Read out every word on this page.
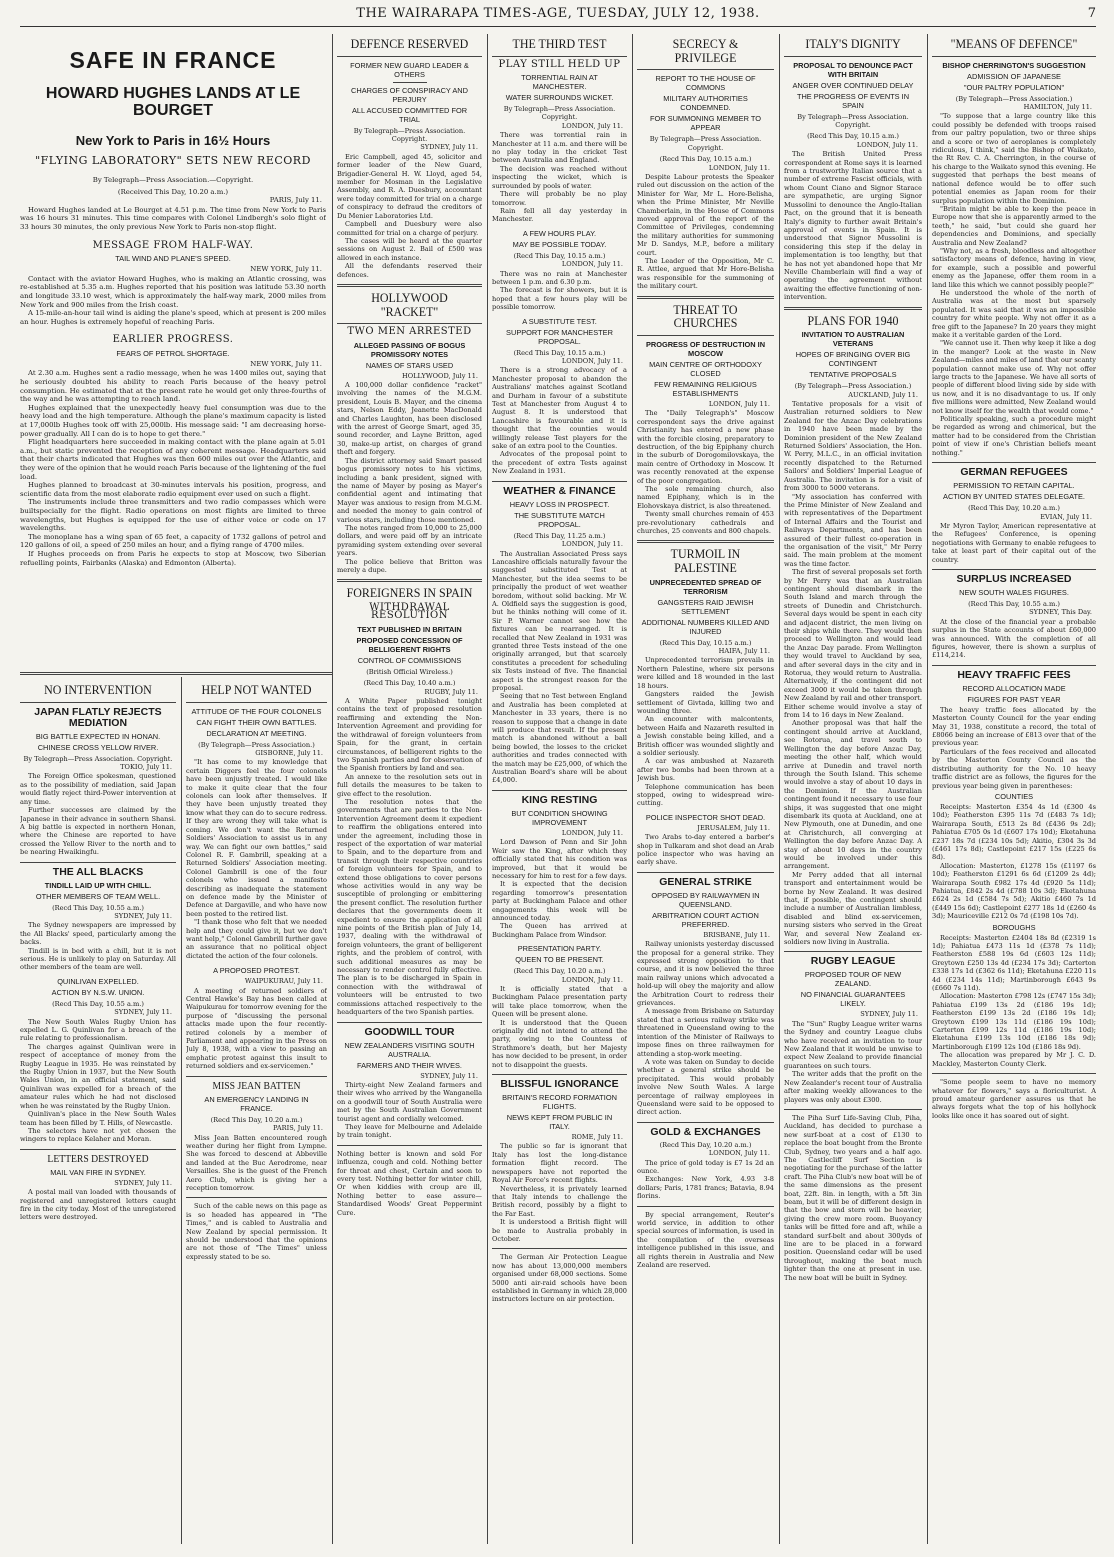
THE WAIRARAPA TIMES-AGE, TUESDAY, JULY 12, 1938.	7
SAFE IN FRANCE
HOWARD HUGHES LANDS AT LE BOURGET
New York to Paris in 16½ Hours
"FLYING LABORATORY" SETS NEW RECORD
By Telegraph—Press Association.—Copyright.
(Received This Day, 10.20 a.m.)
PARIS, July 11.

Howard Hughes landed at Le Bourget at 4.51 p.m. The time from New York to Paris was 16 hours 31 minutes. This time compares with Colonel Lindbergh's solo flight of 33 hours 30 minutes, the only previous New York to Paris non-stop flight.

MESSAGE FROM HALF-WAY.
TAIL WIND AND PLANE'S SPEED.
NEW YORK, July 11.

Contact with the aviator Howard Hughes, who is making an Atlantic crossing, was re-established at 5.35 a.m. Hughes reported that his position was latitude 53.30 north and longitude 33.10 west, which is approximately the half-way mark, 2000 miles from New York and 900 miles from the Irish coast.

A 15-mile-an-hour tail wind is aiding the plane's speed, which at present is 200 miles an hour. Hughes is extremely hopeful of reaching Paris.

EARLIER PROGRESS.
FEARS OF PETROL SHORTAGE.
NEW YORK, July 11.

At 2.30 a.m. Hughes sent a radio message, when he was 1400 miles out, saying that he seriously doubted his ability to reach Paris because of the heavy petrol consumption. He estimated that at the present rate he would get only three-fourths of the way and he was attempting to reach land.

Hughes explained that the unexpectedly heavy fuel consumption was due to the heavy load and the high temperature. Although the plane's maximum capacity is listed at 17,000lb Hughes took off with 25,000lb. His message said: "I am decreasing horse-power gradually. All I can do is to hope to get there."

Flight headquarters here succeeded in making contact with the plane again at 5.01 a.m., but static prevented the reception of any coherent message. Headquarters said that their charts indicated that Hughes was then 600 miles out over the Atlantic, and they were of the opinion that he would reach Paris because of the lightening of the fuel load.

Hughes planned to broadcast at 30-minutes intervals his position, progress, and scientific data from the most elaborate radio equipment ever used on such a flight.

The instruments include three transmitters and two radio compasses which were builtspecially for the flight. Radio operations on most flights are limited to three wavelengths, but Hughes is equipped for the use of either voice or code on 17 wavelengths.

The monoplane has a wing span of 65 feet, a capacity of 1732 gallons of petrol and 120 gallons of oil, a speed of 250 miles an hour, and a flying range of 4700 miles.

If Hughes proceeds on from Paris he expects to stop at Moscow, two Siberian refuelling points, Fairbanks (Alaska) and Edmonton (Alberta).

NO INTERVENTION
JAPAN FLATLY REJECTS MEDIATION
BIG BATTLE EXPECTED IN HONAN.
CHINESE CROSS YELLOW RIVER.
By Telegraph—Press Association. Copyright.
TOKIO, July 11.

The Foreign Office spokesman, questioned as to the possibility of mediation, said Japan would flatly reject third-Power intervention at any time.

Further successes are claimed by the Japanese in their advance in southern Shansi. A big battle is expected in northern Honan, where the Chinese are reported to have crossed the Yellow River to the north and to be nearing Hwaikingfu.

THE ALL BLACKS
TINDILL LAID UP WITH CHILL.
OTHER MEMBERS OF TEAM WELL.
(Recd This Day, 10.55 a.m.)
SYDNEY, July 11.

The Sydney newspapers are impressed by the All Blacks' speed, particularly among the backs.

Tindill is in bed with a chill, but it is not serious. He is unlikely to play on Saturday. All other members of the team are well.

QUINLIVAN EXPELLED.
ACTION BY N.S.W. UNION.
(Recd This Day, 10.55 a.m.)
SYDNEY, July 11.

The New South Wales Rugby Union has expelled L. G. Quinlivan for a breach of the rule relating to professionalism.

The charges against Quinlivan were in respect of acceptance of money from the Rugby League in 1935. He was reinstated by the Rugby Union in 1937, but the New South Wales Union, in an official statement, said Quinlivan was expelled for a breach of the amateur rules which he had not disclosed when he was reinstated by the Rugby Union.

Quinlivan's place in the New South Wales team has been filled by T. Hills, of Newcastle.

The selectors have not yet chosen the wingers to replace Kelaher and Moran.

LETTERS DESTROYED
MAIL VAN FIRE IN SYDNEY.
SYDNEY, July 11.

A postal mail van loaded with thousands of registered and unregistered letters caught fire in the city today. Most of the unregistered letters were destroyed.

HELP NOT WANTED
ATTITUDE OF THE FOUR COLONELS
CAN FIGHT THEIR OWN BATTLES.
DECLARATION AT MEETING.
(By Telegraph—Press Association.)
GISBORNE, July 11.

"It has come to my knowledge that certain Diggers feel the four colonels have been unjustly treated. I would like to make it quite clear that the four colonels can look after themselves. If they have been unjustly treated they know what they can do to secure redress. If they are wrong they will take what is coming. We don't want the Returned Soldiers' Association to assist us in any way. We can fight our own battles," said Colonel R. F. Gambrill, speaking at a Returned Soldiers' Association meeting. Colonel Gambrill is one of the four colonels who issued a manifesto describing as inadequate the statement on defence made by the Minister of Defence at Dargaville, and who have now been posted to the retired list.

"I thank those who felt that we needed help and they could give it, but we don't want help," Colonel Gambrill further gave an assurance that no political object dictated the action of the four colonels.

A PROPOSED PROTEST.
WAIPUKURAU, July 11.

A meeting of returned soldiers of Central Hawke's Bay has been called at Waipukurau for tomorrow evening for the purpose of "discussing the personal attacks made upon the four recently-retired colonels by a member of Parliament and appearing in the Press on July 8, 1938, with a view to passing an emphatic protest against this insult to returned soldiers and ex-servicemen."

MISS JEAN BATTEN
AN EMERGENCY LANDING IN FRANCE.
(Recd This Day, 10.20 a.m.)
PARIS, July 11.

Miss Jean Batten encountered rough weather during her flight from Lympne. She was forced to descend at Abbeville and landed at the Buc Aerodrome, near Versailles. She is the guest of the French Aero Club, which is giving her a reception tomorrow.

Such of the cable news on this page as is so headed has appeared in "The Times," and is cabled to Australia and New Zealand by special permission. It should be understood that the opinions are not those of "The Times" unless expressly stated to be so.

DEFENCE RESERVED
FORMER NEW GUARD LEADER & OTHERS
CHARGES OF CONSPIRACY AND PERJURY
ALL ACCUSED COMMITTED FOR TRIAL
By Telegraph—Press Association. Copyright.
SYDNEY, July 11.

Eric Campbell, aged 45, solicitor and former leader of the New Guard, Brigadier-General H. W. Lloyd, aged 54, member for Mosman in the Legislative Assembly, and R. A. Duesbury, accountant were today committed for trial on a charge of conspiracy to defraud the creditors of Du Menier Laboratories Ltd.

Campbell and Duesbury were also committed for trial on a charge of perjury.

The cases will be heard at the quarter sessions on August 2. Bail of £500 was allowed in each instance.

All the defendants reserved their defences.

HOLLYWOOD "RACKET"
TWO MEN ARRESTED
ALLEGED PASSING OF BOGUS PROMISSORY NOTES
NAMES OF STARS USED
HOLLYWOOD, July 11.

A 100,000 dollar confidence "racket" involving the names of the M.G.M. president, Louis B. Mayer, and the cinema stars, Nelson Eddy, Jeanette MacDonald and Charles Laughton, has been disclosed with the arrest of George Smart, aged 35, sound recorder, and Layne Britton, aged 30, make-up artist, on charges of grand theft and forgery.

The district attorney said Smart passed bogus promissory notes to his victims, including a bank president, signed with the name of Mayer by posing as Mayer's confidential agent and intimating that Mayer was anxious to resign from M.G.M. and needed the money to gain control of various stars, including those mentioned.

The notes ranged from 10,000 to 25,000 dollars, and were paid off by an intricate pyramiding system extending over several years.

The police believe that Britton was merely a dupe.

FOREIGNERS IN SPAIN
WITHDRAWAL RESOLUTION
TEXT PUBLISHED IN BRITAIN
PROPOSED CONCESSION OF BELLIGERENT RIGHTS
CONTROL OF COMMISSIONS
(British Official Wireless.)
(Recd This Day, 10.40 a.m.)
RUGBY, July 11.

A White Paper published tonight contains the text of proposed resolution reaffirming and extending the Non-Intervention Agreement and providing for the withdrawal of foreign volunteers from Spain, for the grant, in certain circumstances, of belligerent rights to the two Spanish parties and for observation of the Spanish frontiers by land and sea.

An annexe to the resolution sets out in full details the measures to be taken to give effect to the resolution.

The resolution notes that the governments that are parties to the Non-Intervention Agreement deem it expedient to reaffirm the obligations entered into under the agreement, including those in respect of the exportation of war material to Spain, and to the departure from and transit through their respective countries of foreign volunteers for Spain, and to extend those obligations to cover persons whose activities would in any way be susceptible of prolonging or embittering the present conflict. The resolution further declares that the governments deem it expedient to ensure the application of all nine points of the British plan of July 14, 1937, dealing with the withdrawal of foreign volunteers, the grant of belligerent rights, and the problem of control, with such additional measures as may be necessary to render control fully effective. The plan is to be discharged in Spain in connection with the withdrawal of volunteers will be entrusted to two commissions attached respectively to the headquarters of the two Spanish parties.

GOODWILL TOUR
NEW ZEALANDERS VISITING SOUTH AUSTRALIA.
FARMERS AND THEIR WIVES.
SYDNEY, July 11.

Thirty-eight New Zealand farmers and their wives who arrived by the Wanganella on a goodwill tour of South Australia were met by the South Australian Government tourist agent and cordially welcomed.

They leave for Melbourne and Adelaide by train tonight.

Nothing better is known and sold For influenza, cough and cold. Nothing better for throat and chest, Certain and soon to every test. Nothing better for winter chill, Or when kiddies with croup are ill, Nothing better to ease assure— Standardised Woods' Great Peppermint Cure.

THE THIRD TEST
PLAY STILL HELD UP
TORRENTIAL RAIN AT MANCHESTER.
WATER SURROUNDS WICKET.
By Telegraph—Press Association. Copyright.
LONDON, July 11.

There was torrential rain in Manchester at 11 a.m. and there will be no play today in the cricket Test between Australia and England.

The decision was reached without inspecting the wicket, which is surrounded by pools of water.

There will probably be no play tomorrow.

Rain fell all day yesterday in Manchester.

A FEW HOURS PLAY.
MAY BE POSSIBLE TODAY.
(Recd This Day, 10.15 a.m.)
LONDON, July 11.

There was no rain at Manchester between 1 p.m. and 6.30 p.m.

The forecast is for showers, but it is hoped that a few hours play will be possible tomorrow.

A SUBSTITUTE TEST.
SUPPORT FOR MANCHESTER PROPOSAL.
(Recd This Day, 10.15 a.m.)
LONDON, July 11.

There is a strong advocacy of a Manchester proposal to abandon the Australians' matches against Scotland and Durham in favour of a substitute Test at Manchester from August 4 to August 8. It is understood that Lancashire is favourable and it is thought that the counties would willingly release Test players for the sake of an extra pool to the Counties.

Advocates of the proposal point to the precedent of extra Tests against New Zealand in 1931.

WEATHER & FINANCE
HEAVY LOSS IN PROSPECT.
THE SUBSTITUTE MATCH PROPOSAL.
(Recd This Day, 11.25 a.m.)
LONDON, July 11.

The Australian Associated Press says Lancashire officials naturally favour the suggested substituted Test at Manchester, but the idea seems to be principally the product of wet weather boredom, without solid backing. Mr W. A. Oldfield says the suggestion is good, but he thinks nothing will come of it. Sir P. Warner cannot see how the fixtures can be rearranged. It is recalled that New Zealand in 1931 was granted three Tests instead of the one originally arranged, but that scarcely constitutes a precedent for scheduling six Tests instead of five. The financial aspect is the strongest reason for the proposal.

Seeing that no Test between England and Australia has been completed at Manchester in 33 years, there is no reason to suppose that a change in date will produce that result. If the present match is abandoned without a ball being bowled, the losses to the cricket authorities and trades connected with the match may be £25,000, of which the Australian Board's share will be about £4,000.

KING RESTING
BUT CONDITION SHOWING IMPROVEMENT
LONDON, July 11.

Lord Dawson of Penn and Sir John Weir saw the King, after which they officially stated that his condition was improved, but that it would be necessary for him to rest for a few days.

It is expected that the decision regarding tomorrow's presentation party at Buckingham Palace and other engagements this week will be announced today.

The Queen has arrived at Buckingham Palace from Windsor.

PRESENTATION PARTY.
QUEEN TO BE PRESENT.
(Recd This Day, 10.20 a.m.)
LONDON, July 11.

It is officially stated that a Buckingham Palace presentation party will take place tomorrow, when the Queen will be present alone.

It is understood that the Queen originally did not intend to attend the party, owing to the Countess of Strathmore's death, but her Majesty has now decided to be present, in order not to disappoint the guests.

BLISSFUL IGNORANCE
BRITAIN'S RECORD FORMATION FLIGHTS.
NEWS KEPT FROM PUBLIC IN ITALY.
ROME, July 11.

The public so far is ignorant that Italy has lost the long-distance formation flight record. The newspapers have not reported the Royal Air Force's recent flights.

Nevertheless, it is privately learned that Italy intends to challenge the British record, possibly by a flight to the Far East.

It is understood a British flight will be made to Australia probably in October.

The German Air Protection League now has about 13,000,000 members organised under 68,000 sections. Some 5000 anti air-raid schools have been established in Germany in which 28,000 instructors lecture on air protection.

SECRECY & PRIVILEGE
REPORT TO THE HOUSE OF COMMONS
MILITARY AUTHORITIES CONDEMNED.
FOR SUMMONING MEMBER TO APPEAR
By Telegraph—Press Association. Copyright.
(Recd This Day, 10.15 a.m.)
LONDON, July 11.

Despite Labour protests the Speaker ruled out discussion on the action of the Minister for War, Mr L. Hore-Belisha, when the Prime Minister, Mr Neville Chamberlain, in the House of Commons moved approval of the report of the Committee of Privileges, condemning the military authorities for summoning Mr D. Sandys, M.P., before a military court.

The Leader of the Opposition, Mr C. R. Attlee, argued that Mr Hore-Belisha was responsible for the summoning of the military court.

THREAT TO CHURCHES
PROGRESS OF DESTRUCTION IN MOSCOW
MAIN CENTRE OF ORTHODOXY CLOSED
FEW REMAINING RELIGIOUS ESTABLISHMENTS
LONDON, July 11.

The "Daily Telegraph's" Moscow correspondent says the drive against Christianity has entered a new phase with the forcible closing, preparatory to destruction, of the big Epiphany church in the suburb of Dorogomilovskaya, the main centre of Orthodoxy in Moscow. It was recently renovated at the expense of the poor congregation.

The sole remaining church, also named Epiphany, which is in the Elohovskaya district, is also threatened.

Twenty small churches remain of 453 pre-revolutionary cathedrals and churches, 25 convents and 800 chapels.

TURMOIL IN PALESTINE
UNPRECEDENTED SPREAD OF TERRORISM
GANGSTERS RAID JEWISH SETTLEMENT
ADDITIONAL NUMBERS KILLED AND INJURED
(Recd This Day, 10.15 a.m.)
HAIFA, July 11.

Unprecedented terrorism prevails in Northern Palestine, where six persons were killed and 18 wounded in the last 18 hours.

Gangsters raided the Jewish settlement of Givtada, killing two and wounding three.

An encounter with malcontents, between Haifa and Nazareth resulted in a Jewish constable being killed, and a British officer was wounded slightly and a soldier seriously.

A car was ambushed at Nazareth after two bombs had been thrown at a Jewish bus.

Telephone communication has been stopped, owing to widespread wire-cutting.

POLICE INSPECTOR SHOT DEAD.
JERUSALEM, July 11.

Two Arabs to-day entered a barber's shop in Tulkaram and shot dead an Arab police inspector who was having an early shave.

GENERAL STRIKE
OPPOSED BY RAILWAYMEN IN QUEENSLAND.
ARBITRATION COURT ACTION PREFERRED.
BRISBANE, July 11.

Railway unionists yesterday discussed the proposal for a general strike. They expressed strong opposition to that course, and it is now believed the three main railway unions which advocated a hold-up will obey the majority and allow the Arbitration Court to redress their grievances.

A message from Brisbane on Saturday stated that a serious railway strike was threatened in Queensland owing to the intention of the Minister of Railways to impose fines on three railwaymen for attending a stop-work meeting.

A vote was taken on Sunday to decide whether a general strike should be precipitated. This would probably involve New South Wales. A large percentage of railway employees in Queensland were said to be opposed to direct action.

GOLD & EXCHANGES
(Recd This Day, 10.20 a.m.)
LONDON, July 11.

The price of gold today is £7 1s 2d an ounce.

Exchanges: New York, 4.93 3-8 dollars; Paris, 1781 francs; Batavia, 8.94 florins.

By special arrangement, Reuter's world service, in addition to other special sources of information, is used in the compilation of the overseas intelligence published in this issue, and all rights therein in Australia and New Zealand are reserved.

ITALY'S DIGNITY
PROPOSAL TO DENOUNCE PACT WITH BRITAIN
ANGER OVER CONTINUED DELAY
THE PROGRESS OF EVENTS IN SPAIN
By Telegraph—Press Association. Copyright.
(Recd This Day, 10.15 a.m.)
LONDON, July 11.

The British United Press correspondent at Rome says it is learned from a trustworthy Italian source that a number of extreme Fascist officials, with whom Count Ciano and Signor Starace are sympathetic, are urging Signor Mussolini to denounce the Anglo-Italian Pact, on the ground that it is beneath Italy's dignity to further await Britain's approval of events in Spain. It is understood that Signor Mussolini is considering this step if the delay in implementation is too lengthy, but that he has not yet abandoned hope that Mr Neville Chamberlain will find a way of operating the agreement without awaiting the effective functioning of non-intervention.

PLANS FOR 1940
INVITATION TO AUSTRALIAN VETERANS
HOPES OF BRINGING OVER BIG CONTINGENT
TENTATIVE PROPOSALS
(By Telegraph—Press Association.)
AUCKLAND, July 11.

Tentative proposals for a visit of Australian returned soldiers to New Zealand for the Anzac Day celebrations in 1940 have been made by the Dominion president of the New Zealand Returned Soldiers' Association, the Hon. W. Perry, M.L.C., in an official invitation recently dispatched to the Returned Sailors' and Soldiers' Imperial League of Australia. The invitation is for a visit of from 3000 to 5000 veterans.

"My association has conferred with the Prime Minister of New Zealand and with representatives of the Department of Internal Affairs and the Tourist and Railways Departments, and has been assured of their fullest co-operation in the organisation of the visit," Mr Perry said. The main problem at the moment was the time factor.

The first of several proposals set forth by Mr Perry was that an Australian contingent should disembark in the South Island and march through the streets of Dunedin and Christchurch. Several days would be spent in each city and adjacent district, the men living on their ships while there. They would then proceed to Wellington and would lead the Anzac Day parade. From Wellington they would travel to Auckland by sea, and after several days in the city and in Rotorua, they would return to Australia. Alternatively, if the contingent did not exceed 3000 it would be taken through New Zealand by rail and other transport. Either scheme would involve a stay of from 14 to 16 days in New Zealand.

Another proposal was that half the contingent should arrive at Auckland, see Rotorua, and travel south to Wellington the day before Anzac Day, meeting the other half, which would arrive at Dunedin and travel north through the South Island. This scheme would involve a stay of about 10 days in the Dominion. If the Australian contingent found it necessary to use four ships, it was suggested that one might disembark its quota at Auckland, one at New Plymouth, one at Dunedin, and one at Christchurch, all converging at Wellington the day before Anzac Day. A stay of about 10 days in the country would be involved under this arrangement.

Mr Perry added that all internal transport and entertainment would be borne by New Zealand. It was desired that, if possible, the contingent should include a number of Australian limbless, disabled and blind ex-servicemen, nursing sisters who served in the Great War, and several New Zealand ex-soldiers now living in Australia.

RUGBY LEAGUE
PROPOSED TOUR OF NEW ZEALAND.
NO FINANCIAL GUARANTEES LIKELY.
SYDNEY, July 11.

The "Sun" Rugby League writer warns the Sydney and country League clubs who have received an invitation to tour New Zealand that it would be unwise to expect New Zealand to provide financial guarantees on such tours.

The writer adds that the profit on the New Zealander's recent tour of Australia after making weekly allowances to the players was only about £300.

The Piha Surf Life-Saving Club, Piha, Auckland, has decided to purchase a new surf-boat at a cost of £130 to replace the boat bought from the Bronte Club, Sydney, two years and a half ago. The Castlecliff Surf Section is negotiating for the purchase of the latter craft. The Piha Club's new boat will be of the same dimensions as the present boat, 22ft. 8in. in length, with a 5ft 3in beam, but it will be of different design in that the bow and stern will be heavier, giving the crew more room. Buoyancy tanks will be fitted fore and aft, while a standard surf-belt and about 300yds of line are to be placed in a forward position. Queensland cedar will be used throughout, making the boat much lighter than the one at present in use. The new boat will be built in Sydney.

"MEANS OF DEFENCE"
BISHOP CHERRINGTON'S SUGGESTION
ADMISSION OF JAPANESE
"OUR PALTRY POPULATION"
(By Telegraph—Press Association.)
HAMILTON, July 11.

"To suppose that a large country like this could possibly be defended with troops raised from our paltry population, two or three ships and a score or two of aeroplanes is completely ridiculous, I think," said the Bishop of Waikato, the Rt Rev. C. A. Cherrington, in the course of his charge to the Waikato synod this evening. He suggested that perhaps the best means of national defence would be to offer such potential enemies as Japan room for their surplus population within the Dominion.

"Britain might be able to keep the peace in Europe now that she is apparently armed to the teeth," he said, "but could she guard her dependencies and Dominions, and specially Australia and New Zealand?

"Why not, as a fresh, bloodless and altogether satisfactory means of defence, having in view, for example, such a possible and powerful enemy as the Japanese, offer them room in a land like this which we cannot possibly people?"

He understood the whole of the north of Australia was at the most but sparsely populated. It was said that it was an impossible country for white people. Why not offer it as a free gift to the Japanese? In 20 years they might make it a veritable garden of the Lord.

"We cannot use it. Then why keep it like a dog in the manger? Look at the waste in New Zealand—miles and miles of land that our scanty population cannot make use of. Why not offer large tracts to the Japanese. We have all sorts of people of different blood living side by side with us now, and it is no disadvantage to us. If only five millions were admitted, New Zealand would not know itself for the wealth that would come."

Politically speaking, such a procedure might be regarded as wrong and chimerical, but the matter had to be considered from the Christian point of view if one's Christian beliefs meant nothing."

GERMAN REFUGEES
PERMISSION TO RETAIN CAPITAL.
ACTION BY UNITED STATES DELEGATE.
(Recd This Day, 10.20 a.m.)
EVIAN, July 11.

Mr Myron Taylor, American representative at the Refugees' Conference, is opening negotiations with Germany to enable refugees to take at least part of their capital out of the country.

SURPLUS INCREASED
NEW SOUTH WALES FIGURES.
(Recd This Day, 10.55 a.m.)
SYDNEY, This Day.

At the close of the financial year a probable surplus in the State accounts of about £60,000 was announced. With the completion of all figures, however, there is shown a surplus of £114,214.

HEAVY TRAFFIC FEES
RECORD ALLOCATION MADE
FIGURES FOR PAST YEAR

The heavy traffic fees allocated by the Masterton County Council for the year ending May 31, 1938, constitute a record, the total of £8066 being an increase of £813 over that of the previous year.

Particulars of the fees received and allocated by the Masterton County Council as the distributing authority for the No. 10 heavy traffic district are as follows, the figures for the previous year being given in parentheses:

COUNTIES

Receipts: Masterton £354 4s 1d (£300 4s 10d); Featherston £395 11s 7d (£483 7s 1d); Wairarapa South, £513 2s 8d (£436 9s 2d); Pahiatua £705 0s 1d (£607 17s 10d); Eketahuna £237 18s 7d (£234 10s 5d); Akitio, £304 3s 3d (£461 17s 8d); Castlepoint £217 15s (£225 6s 8d).

Allocation: Masterton, £1278 15s (£1197 6s 10d); Featherston £1291 6s 6d (£1209 2s 4d); Wairarapa South £982 17s 4d (£920 5s 11d); Pahiatua, £842 2s 4d (£788 10s 3d); Eketahuna £624 2s 1d (£584 7s 5d); Akitio £460 7s 1d (£449 15s 6d); Castlepoint £277 18s 1d (£260 4s 3d); Mauriceville £212 0s 7d (£198 10s 7d).

BOROUGHS

Receipts: Masterton £2404 18s 8d (£2319 1s 1d); Pahiatua £473 11s 1d (£378 7s 11d); Featherston £588 19s 6d (£603 12s 11d); Greytown £250 13s 4d (£234 17s 3d); Carterton £338 17s 1d (£362 6s 11d); Eketahuna £220 11s 4d (£234 14s 11d); Martinborough £643 9s (£660 7s 11d).

Allocation: Masterton £798 12s (£747 15s 3d); Pahiatua £199 13s 2d (£186 19s 1d); Featherston £199 13s 2d (£186 19s 1d); Greytown £199 13s 11d (£186 19s 10d); Carterton £199 12s 11d (£186 19s 10d); Eketahuna £199 13s 10d (£186 18s 9d); Martinborough £199 12s 10d (£186 18s 9d).

The allocation was prepared by Mr J. C. D. Mackley, Masterton County Clerk.

"Some people seem to have no memory whatever for flowers," says a floriculturist. A proud amateur gardener assures us that he always forgets what the top of his hollyhock looks like once it has soared out of sight.
